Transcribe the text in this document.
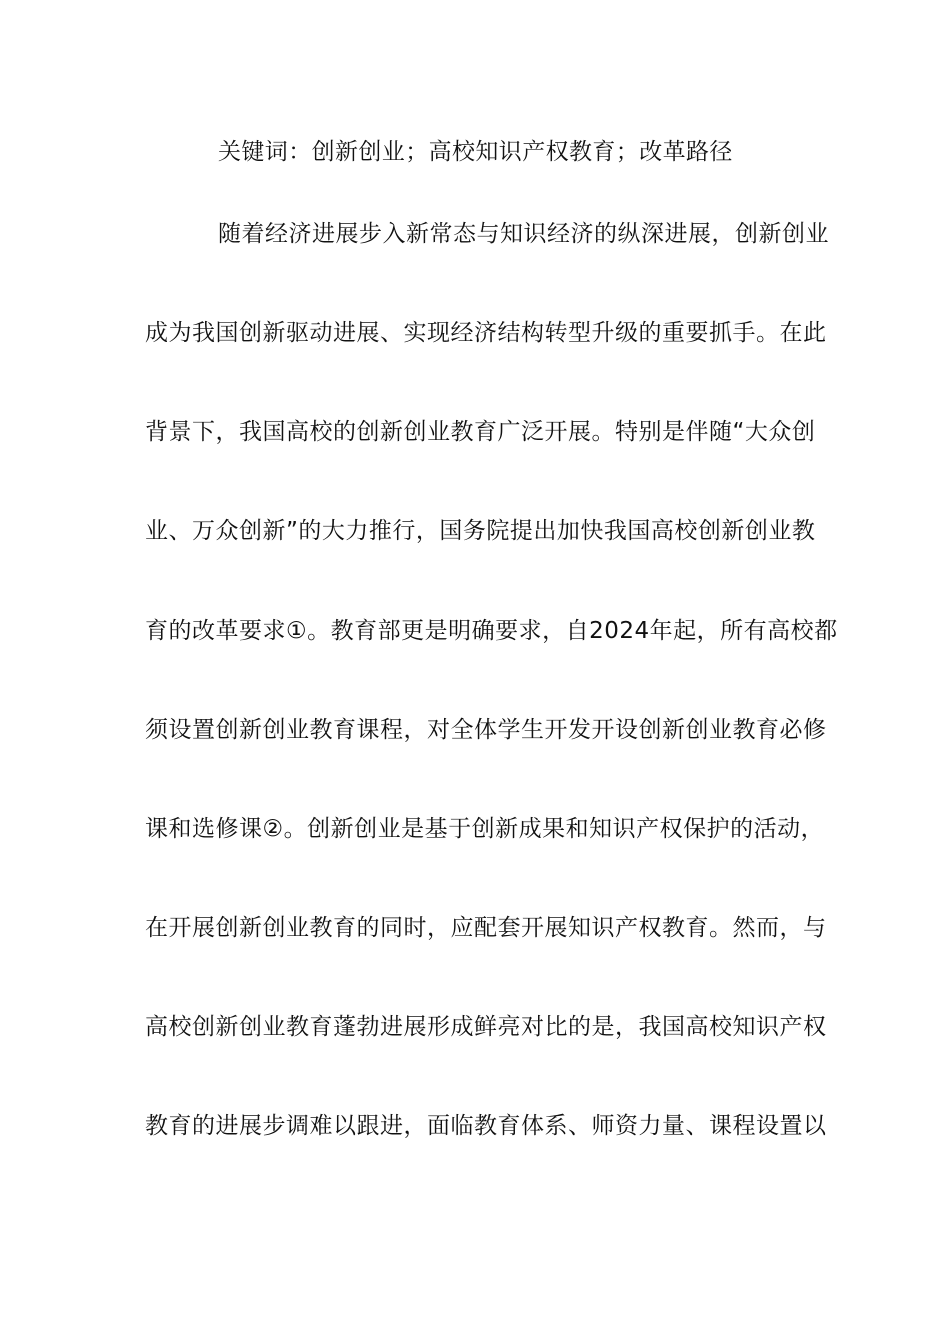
关键词：创新创业；高校知识产权教育；改革路径
随着经济进展步入新常态与知识经济的纵深进展，创新创业
成为我国创新驱动进展、实现经济结构转型升级的重要抓手。在此
背景下，我国高校的创新创业教育广泛开展。特别是伴随“大众创
业、万众创新”的大力推行，国务院提出加快我国高校创新创业教
育的改革要求①。教育部更是明确要求，自2024年起，所有高校都
须设置创新创业教育课程，对全体学生开发开设创新创业教育必修
课和选修课②。创新创业是基于创新成果和知识产权保护的活动，
在开展创新创业教育的同时，应配套开展知识产权教育。然而，与
高校创新创业教育蓬勃进展形成鲜亮对比的是，我国高校知识产权
教育的进展步调难以跟进，面临教育体系、师资力量、课程设置以
